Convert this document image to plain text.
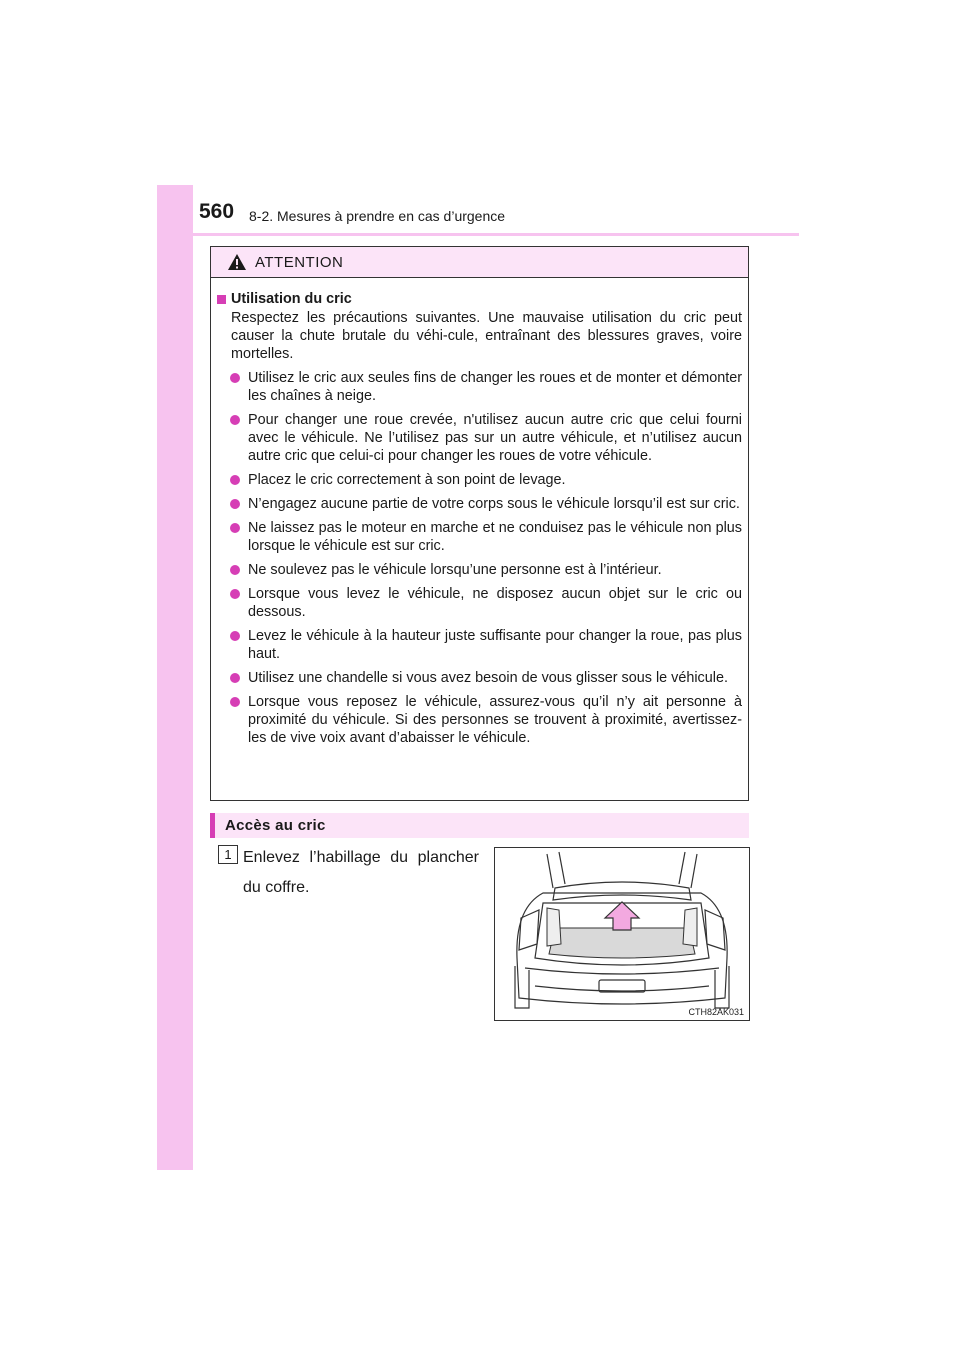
560 8-2. Mesures à prendre en cas d’urgence
ATTENTION
Utilisation du cric
Respectez les précautions suivantes. Une mauvaise utilisation du cric peut causer la chute brutale du véhi-cule, entraînant des blessures graves, voire mortelles.
Utilisez le cric aux seules fins de changer les roues et de monter et démonter les chaînes à neige.
Pour changer une roue crevée, n'utilisez aucun autre cric que celui fourni avec le véhicule. Ne l’utilisez pas sur un autre véhicule, et n’utilisez aucun autre cric que celui-ci pour changer les roues de votre véhicule.
Placez le cric correctement à son point de levage.
N’engagez aucune partie de votre corps sous le véhicule lorsqu’il est sur cric.
Ne laissez pas le moteur en marche et ne conduisez pas le véhicule non plus lorsque le véhicule est sur cric.
Ne soulevez pas le véhicule lorsqu’une personne est à l’intérieur.
Lorsque vous levez le véhicule, ne disposez aucun objet sur le cric ou dessous.
Levez le véhicule à la hauteur juste suffisante pour changer la roue, pas plus haut.
Utilisez une chandelle si vous avez besoin de vous glisser sous le véhicule.
Lorsque vous reposez le véhicule, assurez-vous qu’il n’y ait personne à proximité du véhicule. Si des personnes se trouvent à proximité, avertissez-les de vive voix avant d’abaisser le véhicule.
Accès au cric
1 Enlevez l’habillage du plancher du coffre.
CTH82AK031
